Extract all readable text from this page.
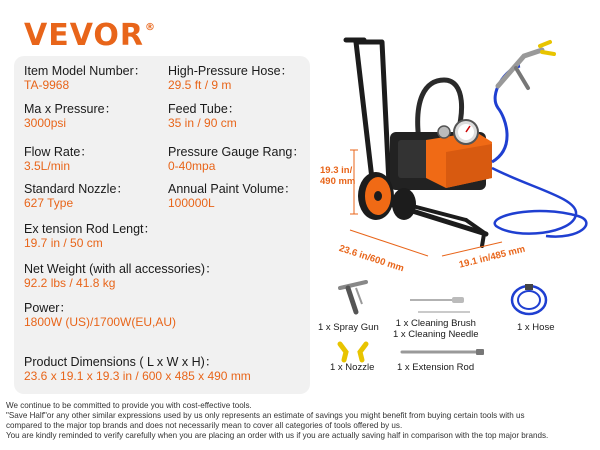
VEVOR®
Item Model Number：
TA-9968
Ma x Pressure：
3000psi
Flow Rate：
3.5L/min
Standard Nozzle：
627 Type
Ex tension Rod Lengt：
19.7 in / 50 cm
Net Weight (with all accessories)：
92.2 lbs / 41.8 kg
Power：
1800W (US)/1700W(EU,AU)
Product Dimensions ( L x W x H)：
23.6 x 19.1 x 19.3 in / 600 x 485 x 490 mm
High-Pressure Hose：
29.5 ft / 9 m
Feed Tube：
35 in / 90 cm
Pressure Gauge Rang：
0-40mpa
Annual Paint Volume：
100000L
19.3 in/
490 mm
23.6 in/600 mm	19.1 in/485 mm
1 x Spray Gun 1 x Cleaning Brush
1 x Cleaning Needle
1 x Hose
1 x Nozzle 1 x Extension Rod
We continue to be committed to provide you with cost-effective tools.
"Save Half"or any other similar expressions used by us only represents an estimate of savings you might benefit from buying certain tools with us
compared to the major top brands and does not necessarily mean to cover all categories of tools offered by us.
You are kindly reminded to verify carefully when you are placing an order with us if you are actually saving half in comparison with the top major brands.
